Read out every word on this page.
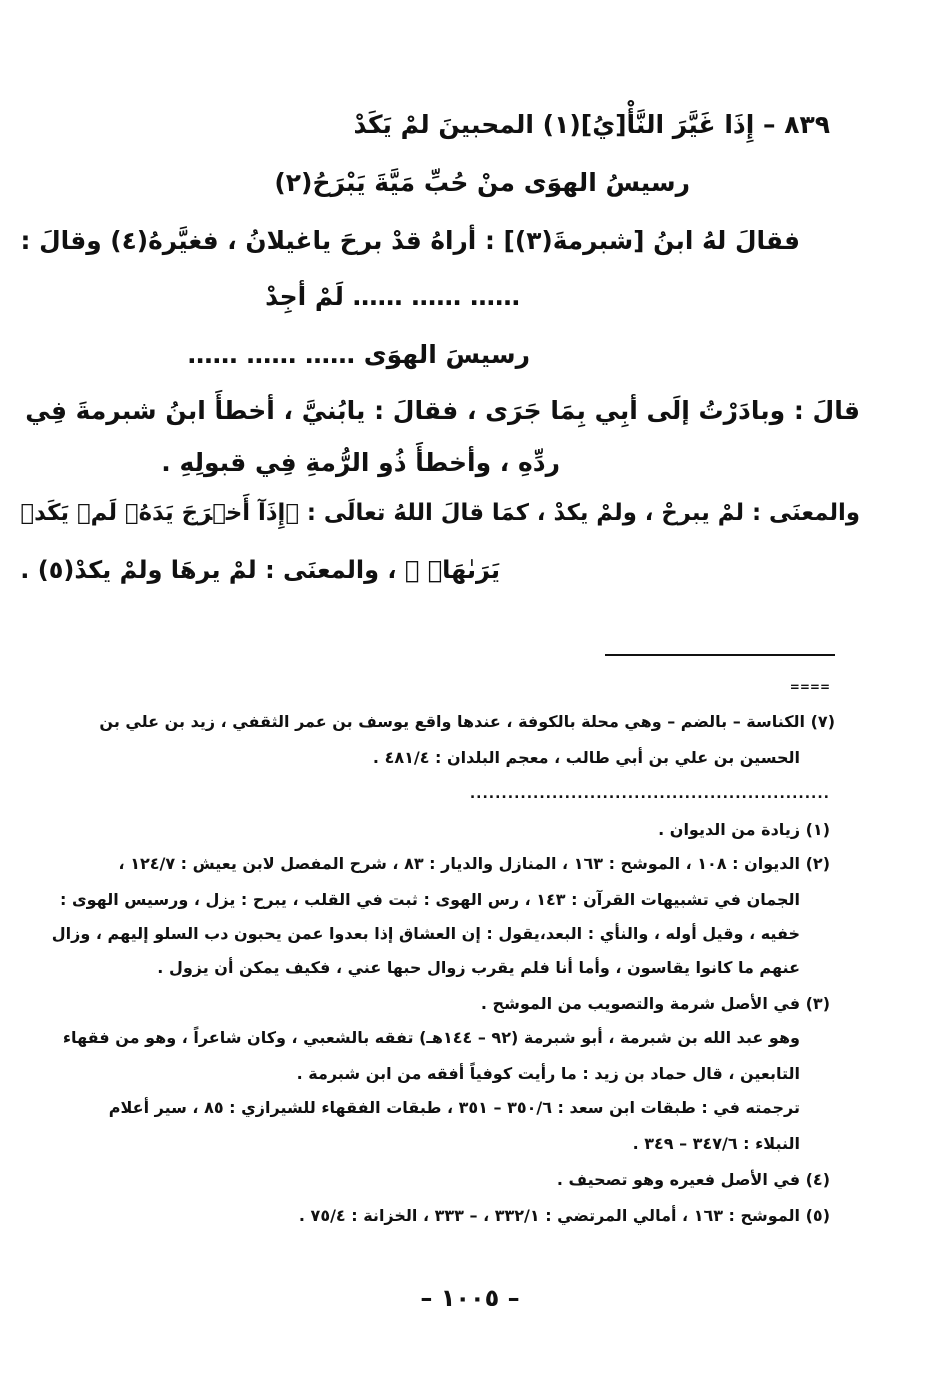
٨٣٩ – إِذَا غَيَّرَ النَّأْ[يُ](١) المحبينَ لمْ يَكَدْ
رسيسُ الهوَى منْ حُبِّ مَيَّةَ يَبْرَحُ(٢)
فقالَ لهُ ابنُ [شبرمةَ(٣)] : أراهُ قدْ برحَ ياغيلانُ ، فغيَّرهُ(٤) وقالَ :
…… …… …… لَمْ أجِدْ
رسيسَ الهوَى …… …… ……
قالَ : وبادَرْتُ إلَى أبِي بِمَا جَرَى ، فقالَ : يابُنيَّ ، أخطأَ ابنُ شبرمةَ فِي
ردِّهِ ، وأخطأَ ذُو الرُّمةِ فِي قبولِهِ .
والمعنَى : لمْ يبرحْ ، ولمْ يكدْ ، كمَا قالَ اللهُ تعالَى : ﴿إِذَآ أَخۡرَجَ يَدَهُۥ لَمۡ يَكَدۡ
يَرَىٰهَاۗ ﴾ ، والمعنَى : لمْ يرهَا ولمْ يكدْ(٥) .
====
(٧) الكناسة – بالضم – وهي محلة بالكوفة ، عندها واقع يوسف بن عمر الثقفي ، زيد بن علي بن
الحسين بن علي بن أبي طالب ، معجم البلدان : ٤٨١/٤ .
.........................................................
(١) زيادة من الديوان .
(٢) الديوان : ١٠٨ ، الموشح : ١٦٣ ، المنازل والديار : ٨٣ ، شرح المفصل لابن يعيش : ١٢٤/٧ ،
الجمان في تشبيهات القرآن : ١٤٣ ، رس الهوى : ثبت في القلب ، يبرح : يزل ، ورسيس الهوى :
خفيه ، وقيل أوله ، والنأي : البعد،يقول : إن العشاق إذا بعدوا عمن يحبون دب السلو إليهم ، وزال
عنهم ما كانوا يقاسون ، وأما أنا فلم يقرب زوال حبها عني ، فكيف يمكن أن يزول .
(٣) في الأصل شرمة والتصويب من الموشح .
وهو عبد الله بن شبرمة ، أبو شبرمة (٩٢ – ١٤٤هـ) تفقه بالشعبي ، وكان شاعراً ، وهو من فقهاء
التابعين ، قال حماد بن زيد : ما رأيت كوفياً أفقه من ابن شبرمة .
ترجمته في : طبقات ابن سعد : ٣٥٠/٦ – ٣٥١ ، طبقات الفقهاء للشيرازي : ٨٥ ، سير أعلام
النبلاء : ٣٤٧/٦ – ٣٤٩ .
(٤) في الأصل فعيره وهو تصحيف .
(٥) الموشح : ١٦٣ ، أمالي المرتضي : ٣٣٢/١ ، – ٣٣٣ ، الخزانة : ٧٥/٤ .
– ١٠٠٥ –
